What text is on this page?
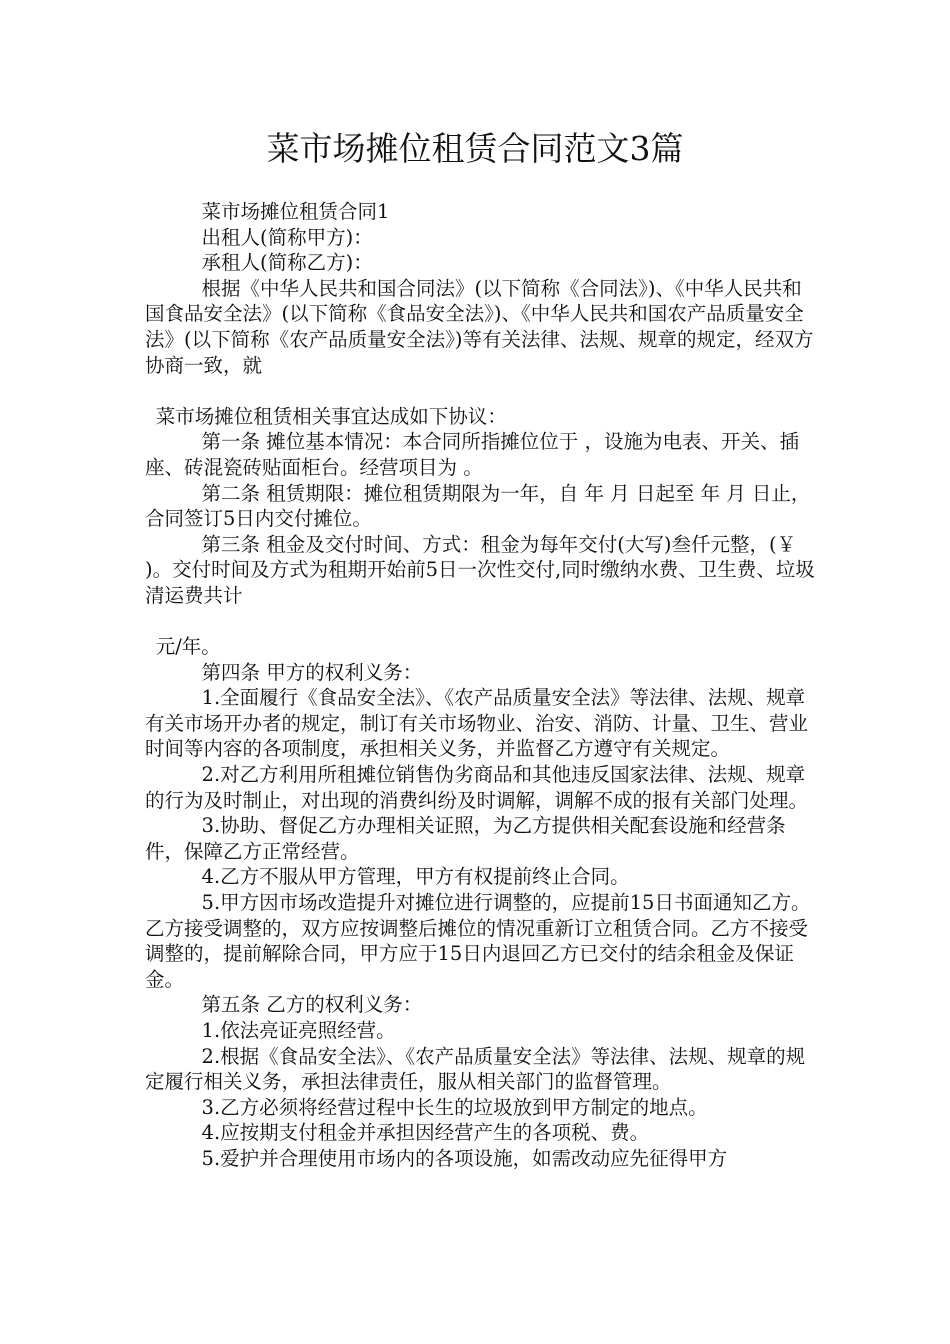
菜市场摊位租赁合同范文3篇

菜市场摊位租赁合同1

出租人(简称甲方)：

承租人(简称乙方)：

根据《中华人民共和国合同法》(以下简称《合同法》)、《中华人民共和国食品安全法》(以下简称《食品安全法》)、《中华人民共和国农产品质量安全法》(以下简称《农产品质量安全法》)等有关法律、法规、规章的规定，经双方协商一致，就

菜市场摊位租赁相关事宜达成如下协议：

第一条 摊位基本情况：本合同所指摊位位于 ，设施为电表、开关、插座、砖混瓷砖贴面柜台。经营项目为 。

第二条 租赁期限：摊位租赁期限为一年，自 年 月 日起至 年 月 日止，合同签订5日内交付摊位。

第三条 租金及交付时间、方式：租金为每年交付(大写)叁仟元整，(￥ )。交付时间及方式为租期开始前5日一次性交付,同时缴纳水费、卫生费、垃圾清运费共计

元/年。

第四条 甲方的权利义务：

1.全面履行《食品安全法》、《农产品质量安全法》等法律、法规、规章有关市场开办者的规定，制订有关市场物业、治安、消防、计量、卫生、营业时间等内容的各项制度，承担相关义务，并监督乙方遵守有关规定。

2.对乙方利用所租摊位销售伪劣商品和其他违反国家法律、法规、规章的行为及时制止，对出现的消费纠纷及时调解，调解不成的报有关部门处理。

3.协助、督促乙方办理相关证照，为乙方提供相关配套设施和经营条件，保障乙方正常经营。

4.乙方不服从甲方管理，甲方有权提前终止合同。

5.甲方因市场改造提升对摊位进行调整的，应提前15日书面通知乙方。乙方接受调整的，双方应按调整后摊位的情况重新订立租赁合同。乙方不接受调整的，提前解除合同，甲方应于15日内退回乙方已交付的结余租金及保证金。

第五条 乙方的权利义务：

1.依法亮证亮照经营。

2.根据《食品安全法》、《农产品质量安全法》等法律、法规、规章的规定履行相关义务，承担法律责任，服从相关部门的监督管理。

3.乙方必须将经营过程中长生的垃圾放到甲方制定的地点。

4.应按期支付租金并承担因经营产生的各项税、费。

5.爱护并合理使用市场内的各项设施，如需改动应先征得甲方
